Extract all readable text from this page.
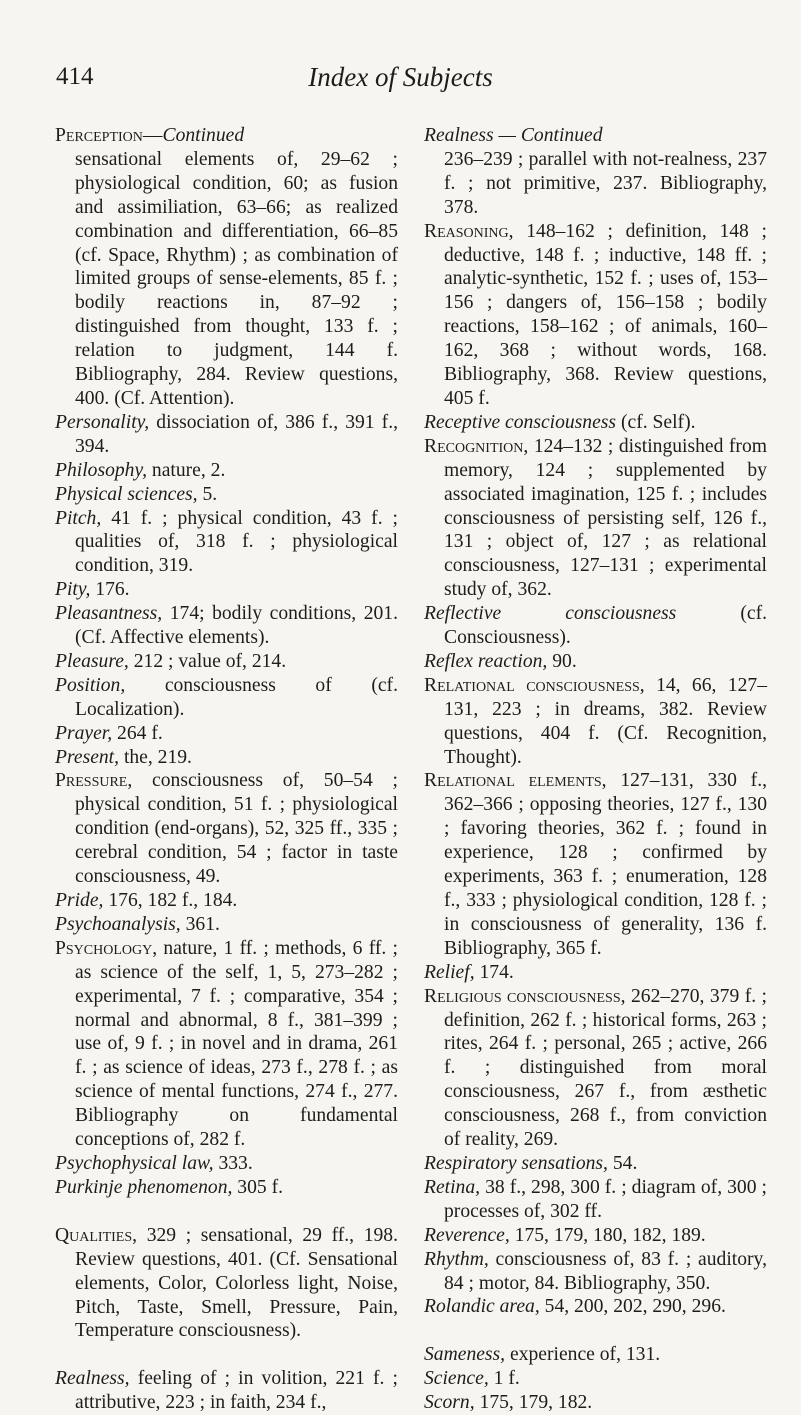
414	Index of Subjects

Perception—Continued
sensational elements of, 29–62 ; physiological condition, 60; as fusion and assimiliation, 63–66; as realized combination and differentiation, 66–85 (cf. Space, Rhythm) ; as combination of limited groups of sense-elements, 85 f. ; bodily reactions in, 87–92 ; distinguished from thought, 133 f. ; relation to judgment, 144 f. Bibliography, 284. Review questions, 400. (Cf. Attention).

Personality, dissociation of, 386 f., 391 f., 394.

Philosophy, nature, 2.

Physical sciences, 5.

Pitch, 41 f. ; physical condition, 43 f. ; qualities of, 318 f. ; physiological condition, 319.

Pity, 176.

Pleasantness, 174; bodily conditions, 201. (Cf. Affective elements).

Pleasure, 212 ; value of, 214.

Position, consciousness of (cf. Localization).

Prayer, 264 f.

Present, the, 219.

Pressure, consciousness of, 50–54 ; physical condition, 51 f. ; physiological condition (end-organs), 52, 325 ff., 335 ; cerebral condition, 54 ; factor in taste consciousness, 49.

Pride, 176, 182 f., 184.

Psychoanalysis, 361.

Psychology, nature, 1 ff. ; methods, 6 ff. ; as science of the self, 1, 5, 273–282 ; experimental, 7 f. ; comparative, 354 ; normal and abnormal, 8 f., 381–399 ; use of, 9 f. ; in novel and in drama, 261 f. ; as science of ideas, 273 f., 278 f. ; as science of mental functions, 274 f., 277. Bibliography on fundamental conceptions of, 282 f.

Psychophysical law, 333.

Purkinje phenomenon, 305 f.

Qualities, 329 ; sensational, 29 ff., 198. Review questions, 401. (Cf. Sensational elements, Color, Colorless light, Noise, Pitch, Taste, Smell, Pressure, Pain, Temperature consciousness).

Realness, feeling of ; in volition, 221 f. ; attributive, 223 ; in faith, 234 f.,

Realness — Continued
236–239 ; parallel with not-realness, 237 f. ; not primitive, 237. Bibliography, 378.

Reasoning, 148–162 ; definition, 148 ; deductive, 148 f. ; inductive, 148 ff. ; analytic-synthetic, 152 f. ; uses of, 153–156 ; dangers of, 156–158 ; bodily reactions, 158–162 ; of animals, 160–162, 368 ; without words, 168. Bibliography, 368. Review questions, 405 f.

Receptive consciousness (cf. Self).

Recognition, 124–132 ; distinguished from memory, 124 ; supplemented by associated imagination, 125 f. ; includes consciousness of persisting self, 126 f., 131 ; object of, 127 ; as relational consciousness, 127–131 ; experimental study of, 362.

Reflective consciousness	(cf. Consciousness).

Reflex reaction, 90.

Relational consciousness, 14, 66, 127–131, 223 ; in dreams, 382. Review questions, 404 f. (Cf. Recognition, Thought).

Relational elements, 127–131, 330 f., 362–366 ; opposing theories, 127 f., 130 ; favoring theories, 362 f. ; found in experience, 128 ; confirmed by experiments, 363 f. ; enumeration, 128 f., 333 ; physiological condition, 128 f. ; in consciousness of generality, 136 f. Bibliography, 365 f.

Relief, 174.

Religious consciousness, 262–270, 379 f. ; definition, 262 f. ; historical forms, 263 ; rites, 264 f. ; personal, 265 ; active, 266 f. ; distinguished from moral consciousness, 267 f., from æsthetic consciousness, 268 f., from conviction of reality, 269.

Respiratory sensations, 54.

Retina, 38 f., 298, 300 f. ; diagram of, 300 ; processes of, 302 ff.

Reverence, 175, 179, 180, 182, 189.

Rhythm, consciousness of, 83 f. ; auditory, 84 ; motor, 84. Bibliography, 350.

Rolandic area, 54, 200, 202, 290, 296.

Sameness, experience of, 131.

Science, 1 f.

Scorn, 175, 179, 182.
